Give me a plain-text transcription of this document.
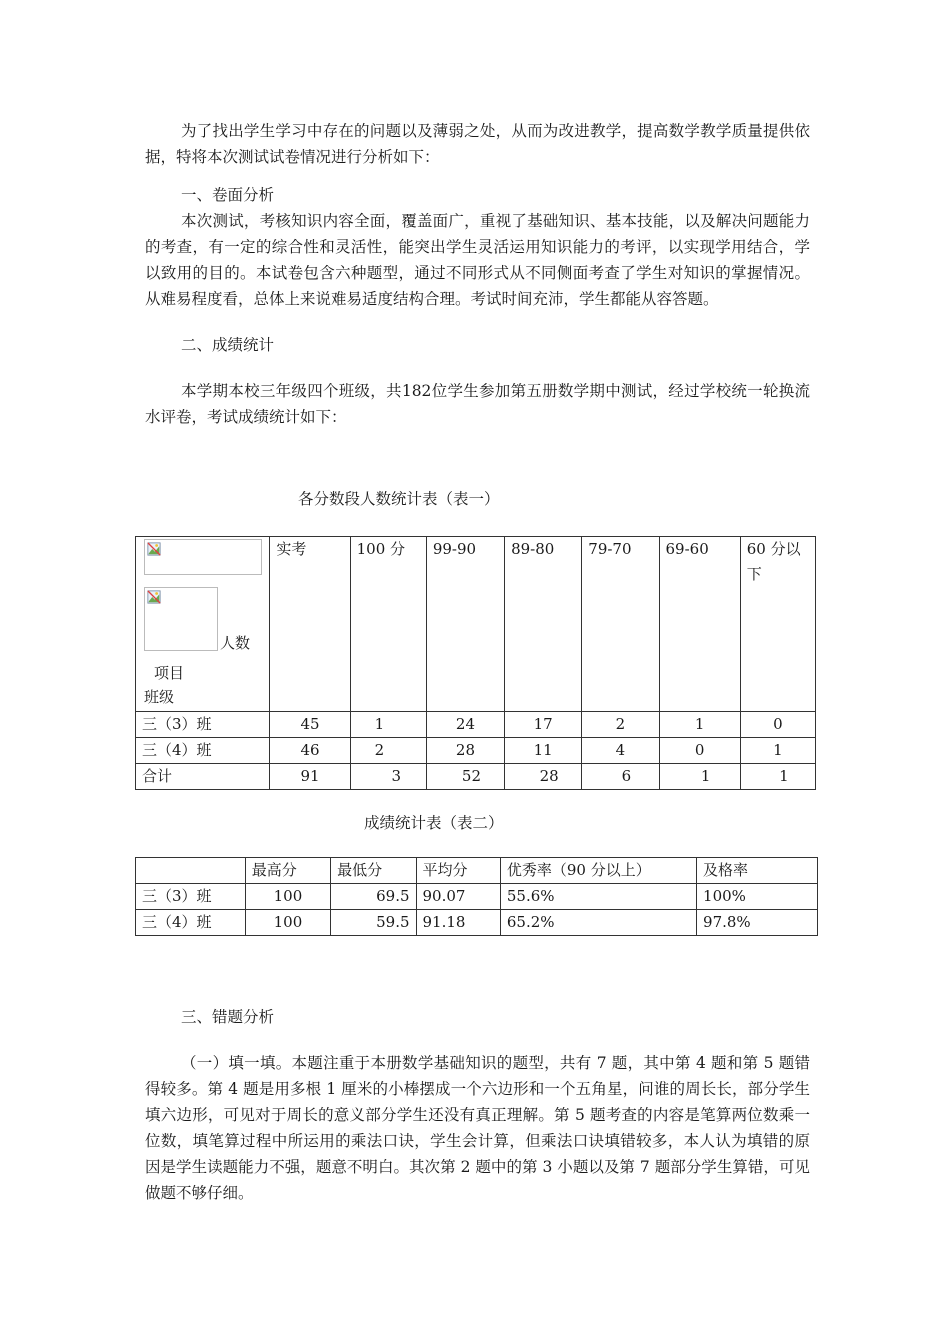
为了找出学生学习中存在的问题以及薄弱之处，从而为改进教学，提高数学教学质量提供依据，特将本次测试试卷情况进行分析如下：

一、卷面分析

本次测试，考核知识内容全面，覆盖面广，重视了基础知识、基本技能，以及解决问题能力的考查，有一定的综合性和灵活性，能突出学生灵活运用知识能力的考评，以实现学用结合，学以致用的目的。本试卷包含六种题型，通过不同形式从不同侧面考查了学生对知识的掌握情况。从难易程度看，总体上来说难易适度结构合理。考试时间充沛，学生都能从容答题。

二、成绩统计

本学期本校三年级四个班级，共182位学生参加第五册数学期中测试，经过学校统一轮换流水评卷，考试成绩统计如下：

各分数段人数统计表（表一）

人数
项目
班级	实考	100 分	99-90	89-80	79-70	69-60	60 分以下
三（3）班	45	1	24	17	2	1	0
三（4）班	46	2	28	11	4	0	1
合计	91	3	52	28	6	1	1

成绩统计表（表二）

	最高分	最低分	平均分	优秀率（90 分以上）	及格率
三（3）班	100	69.5	90.07	55.6%	100%
三（4）班	100	59.5	91.18	65.2%	97.8%

三、错题分析

（一）填一填。本题注重于本册数学基础知识的题型，共有 7 题，其中第 4 题和第 5 题错得较多。第 4 题是用多根 1 厘米的小棒摆成一个六边形和一个五角星，问谁的周长长，部分学生填六边形，可见对于周长的意义部分学生还没有真正理解。第 5 题考查的内容是笔算两位数乘一位数，填笔算过程中所运用的乘法口诀，学生会计算，但乘法口诀填错较多，本人认为填错的原因是学生读题能力不强，题意不明白。其次第 2 题中的第 3 小题以及第 7 题部分学生算错，可见做题不够仔细。
